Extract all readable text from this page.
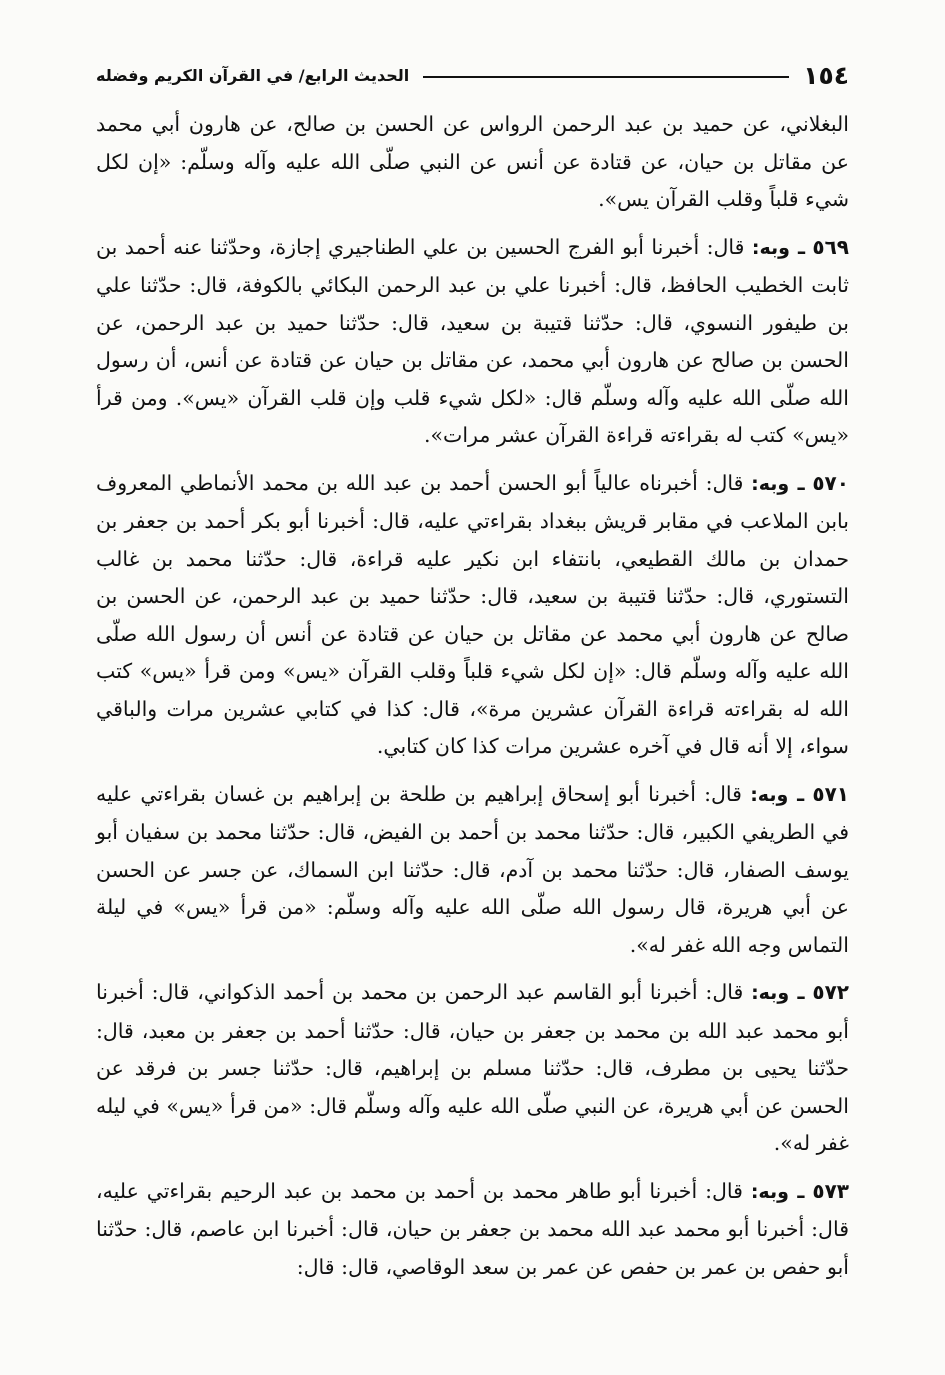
١٥٤
الحديث الرابع/ في القرآن الكريم وفضله

البغلاني، عن حميد بن عبد الرحمن الرواس عن الحسن بن صالح، عن هارون أبي محمد عن مقاتل بن حيان، عن قتادة عن أنس عن النبي صلّى الله عليه وآله وسلّم: «إن لكل شيء قلباً وقلب القرآن يس».

٥٦٩ ـ وبه: قال: أخبرنا أبو الفرج الحسين بن علي الطناجيري إجازة، وحدّثنا عنه أحمد بن ثابت الخطيب الحافظ، قال: أخبرنا علي بن عبد الرحمن البكائي بالكوفة، قال: حدّثنا علي بن طيفور النسوي، قال: حدّثنا قتيبة بن سعيد، قال: حدّثنا حميد بن عبد الرحمن، عن الحسن بن صالح عن هارون أبي محمد، عن مقاتل بن حيان عن قتادة عن أنس، أن رسول الله صلّى الله عليه وآله وسلّم قال: «لكل شيء قلب وإن قلب القرآن «يس». ومن قرأ «يس» كتب له بقراءته قراءة القرآن عشر مرات».

٥٧٠ ـ وبه: قال: أخبرناه عالياً أبو الحسن أحمد بن عبد الله بن محمد الأنماطي المعروف بابن الملاعب في مقابر قريش ببغداد بقراءتي عليه، قال: أخبرنا أبو بكر أحمد بن جعفر بن حمدان بن مالك القطيعي، بانتفاء ابن نكير عليه قراءة، قال: حدّثنا محمد بن غالب التستوري، قال: حدّثنا قتيبة بن سعيد، قال: حدّثنا حميد بن عبد الرحمن، عن الحسن بن صالح عن هارون أبي محمد عن مقاتل بن حيان عن قتادة عن أنس أن رسول الله صلّى الله عليه وآله وسلّم قال: «إن لكل شيء قلباً وقلب القرآن «يس» ومن قرأ «يس» كتب الله له بقراءته قراءة القرآن عشرين مرة»، قال: كذا في كتابي عشرين مرات والباقي سواء، إلا أنه قال في آخره عشرين مرات كذا كان كتابي.

٥٧١ ـ وبه: قال: أخبرنا أبو إسحاق إبراهيم بن طلحة بن إبراهيم بن غسان بقراءتي عليه في الطريفي الكبير، قال: حدّثنا محمد بن أحمد بن الفيض، قال: حدّثنا محمد بن سفيان أبو يوسف الصفار، قال: حدّثنا محمد بن آدم، قال: حدّثنا ابن السماك، عن جسر عن الحسن عن أبي هريرة، قال رسول الله صلّى الله عليه وآله وسلّم: «من قرأ «يس» في ليلة التماس وجه الله غفر له».

٥٧٢ ـ وبه: قال: أخبرنا أبو القاسم عبد الرحمن بن محمد بن أحمد الذكواني، قال: أخبرنا أبو محمد عبد الله بن محمد بن جعفر بن حيان، قال: حدّثنا أحمد بن جعفر بن معبد، قال: حدّثنا يحيى بن مطرف، قال: حدّثنا مسلم بن إبراهيم، قال: حدّثنا جسر بن فرقد عن الحسن عن أبي هريرة، عن النبي صلّى الله عليه وآله وسلّم قال: «من قرأ «يس» في ليله غفر له».

٥٧٣ ـ وبه: قال: أخبرنا أبو طاهر محمد بن أحمد بن محمد بن عبد الرحيم بقراءتي عليه، قال: أخبرنا أبو محمد عبد الله محمد بن جعفر بن حيان، قال: أخبرنا ابن عاصم، قال: حدّثنا أبو حفص بن عمر بن حفص عن عمر بن سعد الوقاصي، قال: قال:
